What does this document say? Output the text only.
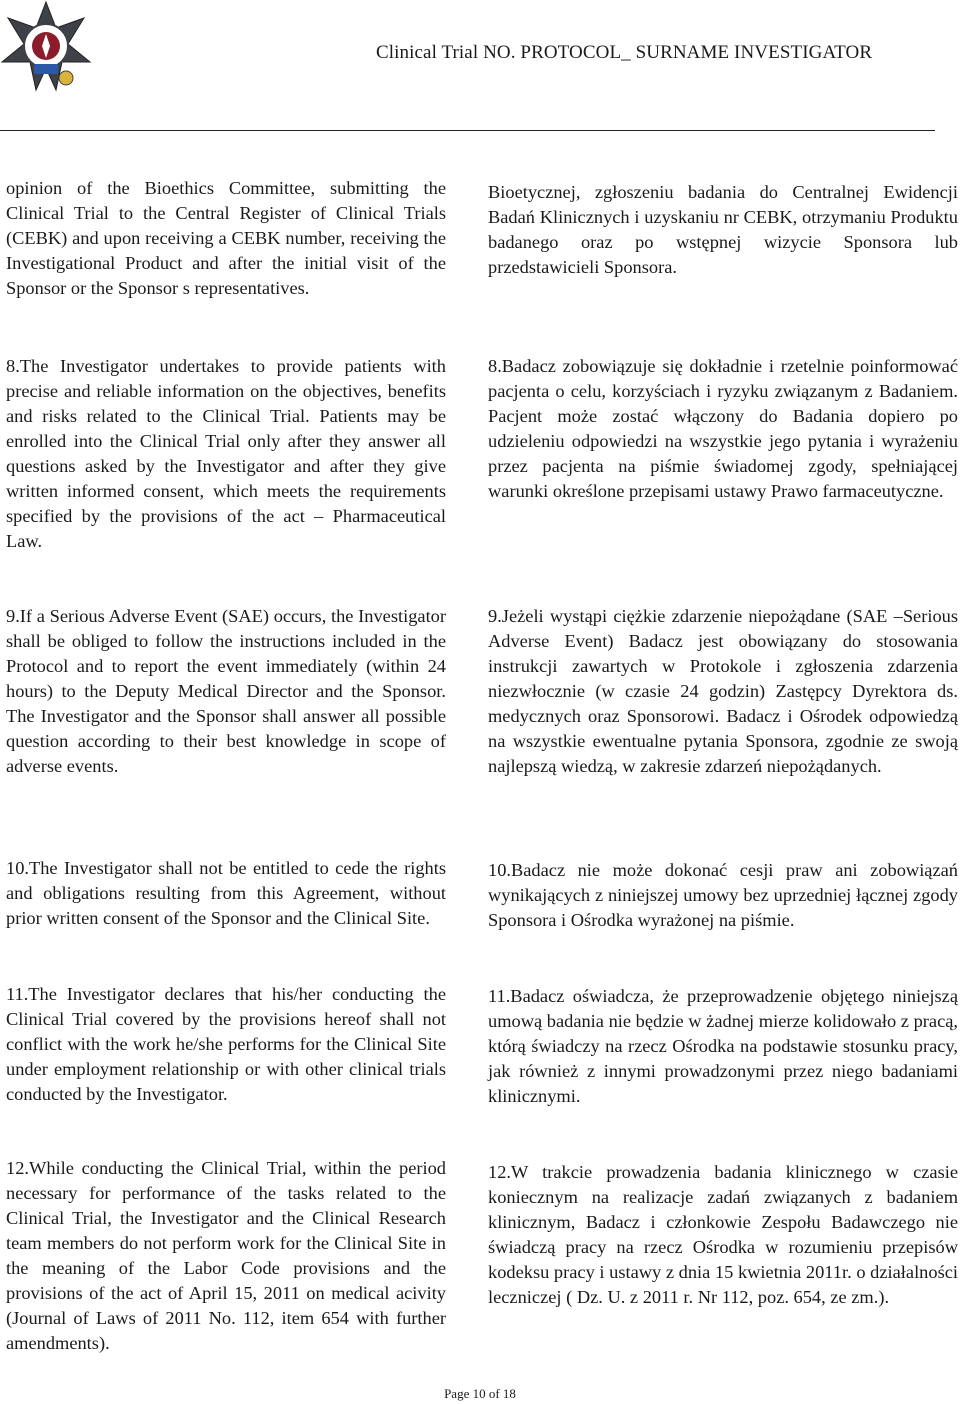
Clinical Trial NO. PROTOCOL_ SURNAME INVESTIGATOR

opinion of the Bioethics Committee, submitting the Clinical Trial to the Central Register of Clinical Trials (CEBK) and upon receiving a CEBK number, receiving the Investigational Product and after the initial visit of the Sponsor or the Sponsor s representatives.

8.The Investigator undertakes to provide patients with precise and reliable information on the objectives, benefits and risks related to the Clinical Trial. Patients may be enrolled into the Clinical Trial only after they answer all questions asked by the Investigator and after they give written informed consent, which meets the requirements specified by the provisions of the act – Pharmaceutical Law.

9.If a Serious Adverse Event (SAE) occurs, the Investigator shall be obliged to follow the instructions included in the Protocol and to report the event immediately (within 24 hours) to the Deputy Medical Director and the Sponsor. The Investigator and the Sponsor shall answer all possible question according to their best knowledge in scope of adverse events.

10.The Investigator shall not be entitled to cede the rights and obligations resulting from this Agreement, without prior written consent of the Sponsor and the Clinical Site.

11.The Investigator declares that his/her conducting the Clinical Trial covered by the provisions hereof shall not conflict with the work he/she performs for the Clinical Site under employment relationship or with other clinical trials conducted by the Investigator.

12.While conducting the Clinical Trial, within the period necessary for performance of the tasks related to the Clinical Trial, the Investigator and the Clinical Research team members do not perform work for the Clinical Site in the meaning of the Labor Code provisions and the provisions of the act of April 15, 2011 on medical acivity (Journal of Laws of 2011 No. 112, item 654 with further amendments).

Bioetycznej, zgłoszeniu badania do Centralnej Ewidencji Badań Klinicznych i uzyskaniu nr CEBK, otrzymaniu Produktu badanego oraz po wstępnej wizycie Sponsora lub przedstawicieli Sponsora.

8.Badacz zobowiązuje się dokładnie i rzetelnie poinformować pacjenta o celu, korzyściach i ryzyku związanym z Badaniem. Pacjent może zostać włączony do Badania dopiero po udzieleniu odpowiedzi na wszystkie jego pytania i wyrażeniu przez pacjenta na piśmie świadomej zgody, spełniającej warunki określone przepisami ustawy Prawo farmaceutyczne.

9.Jeżeli wystąpi ciężkie zdarzenie niepożądane (SAE –Serious Adverse Event) Badacz jest obowiązany do stosowania instrukcji zawartych w Protokole i zgłoszenia zdarzenia niezwłocznie (w czasie 24 godzin) Zastępcy Dyrektora ds. medycznych oraz Sponsorowi. Badacz i Ośrodek odpowiedzą na wszystkie ewentualne pytania Sponsora, zgodnie ze swoją najlepszą wiedzą, w zakresie zdarzeń niepożądanych.

10.Badacz nie może dokonać cesji praw ani zobowiązań wynikających z niniejszej umowy bez uprzedniej łącznej zgody Sponsora i Ośrodka wyrażonej na piśmie.

11.Badacz oświadcza, że przeprowadzenie objętego niniejszą umową badania nie będzie w żadnej mierze kolidowało z pracą, którą świadczy na rzecz Ośrodka na podstawie stosunku pracy, jak również z innymi prowadzonymi przez niego badaniami klinicznymi.

12.W trakcie prowadzenia badania klinicznego w czasie koniecznym na realizacje zadań związanych z badaniem klinicznym, Badacz i członkowie Zespołu Badawczego nie świadczą pracy na rzecz Ośrodka w rozumieniu przepisów kodeksu pracy i ustawy z dnia 15 kwietnia 2011r. o działalności leczniczej ( Dz. U. z 2011 r. Nr 112, poz. 654, ze zm.).

Page 10 of 18
